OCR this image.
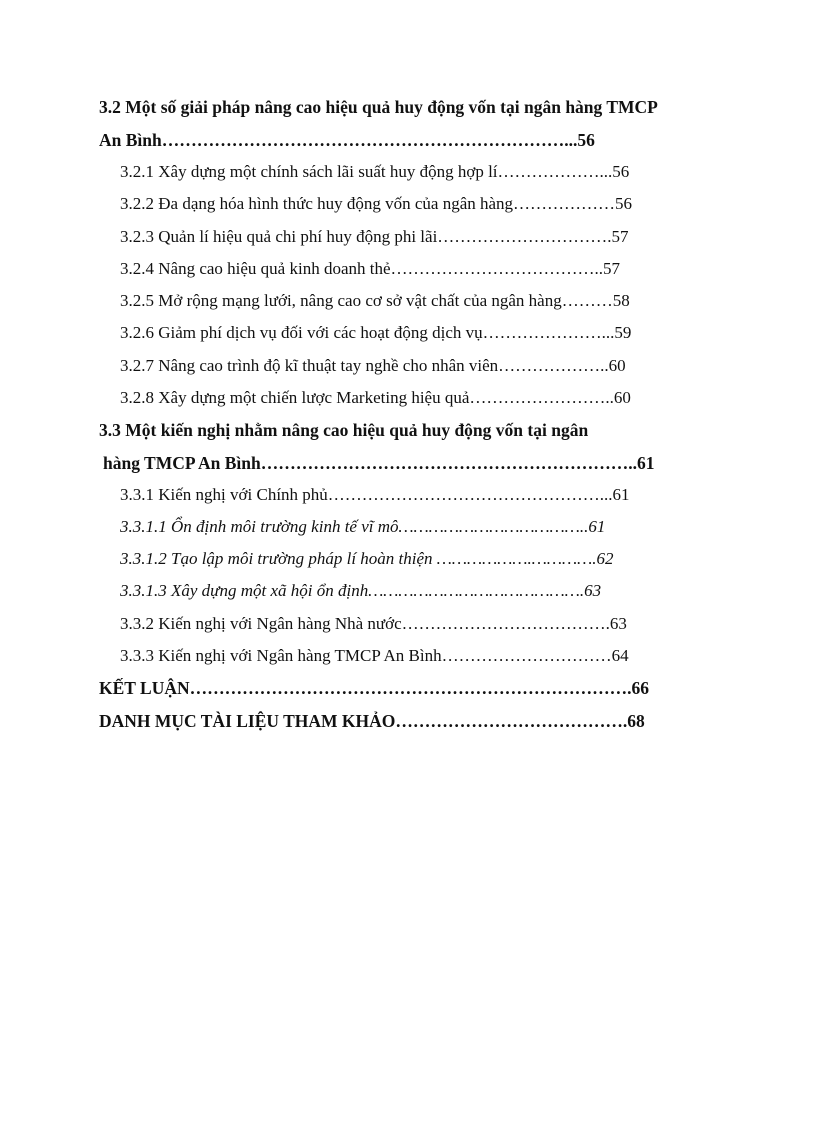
3.2 Một số giải pháp nâng cao hiệu quả huy động vốn tại ngân hàng TMCP
An Bình……………………………………………………………...56
3.2.1 Xây dựng một chính sách lãi suất huy động hợp lí………………...56
3.2.2 Đa dạng hóa hình thức huy động vốn của ngân hàng………………56
3.2.3 Quản lí hiệu quả chi phí huy động phi lãi………………………….57
3.2.4 Nâng cao hiệu quả kinh doanh thẻ………………………………..57
3.2.5 Mở rộng mạng lưới, nâng cao cơ sở vật chất của ngân hàng………58
3.2.6 Giảm phí dịch vụ đối với các hoạt động dịch vụ…………………...59
3.2.7 Nâng cao trình độ kĩ thuật tay nghề cho nhân viên………………..60
3.2.8 Xây dựng một chiến lược Marketing hiệu quả……………………..60
3.3 Một kiến nghị nhằm nâng cao hiệu quả huy động vốn tại ngân
hàng TMCP An Bình………………………………………………………..61
3.3.1 Kiến nghị với Chính phủ…………………………………………...61
3.3.1.1 Ổn định môi trường kinh tế vĩ mô………………………………..61
3.3.1.2 Tạo lập môi trường pháp lí hoàn thiện ……………….………….62
3.3.1.3 Xây dựng một xã hội ổn định…………………………………….63
3.3.2 Kiến nghị với Ngân hàng Nhà nước……………………………….63
3.3.3 Kiến nghị với Ngân hàng TMCP An Bình…………………………64
KẾT LUẬN………………………………………………………………….66
DANH MỤC TÀI LIỆU THAM KHẢO………………………………….68
